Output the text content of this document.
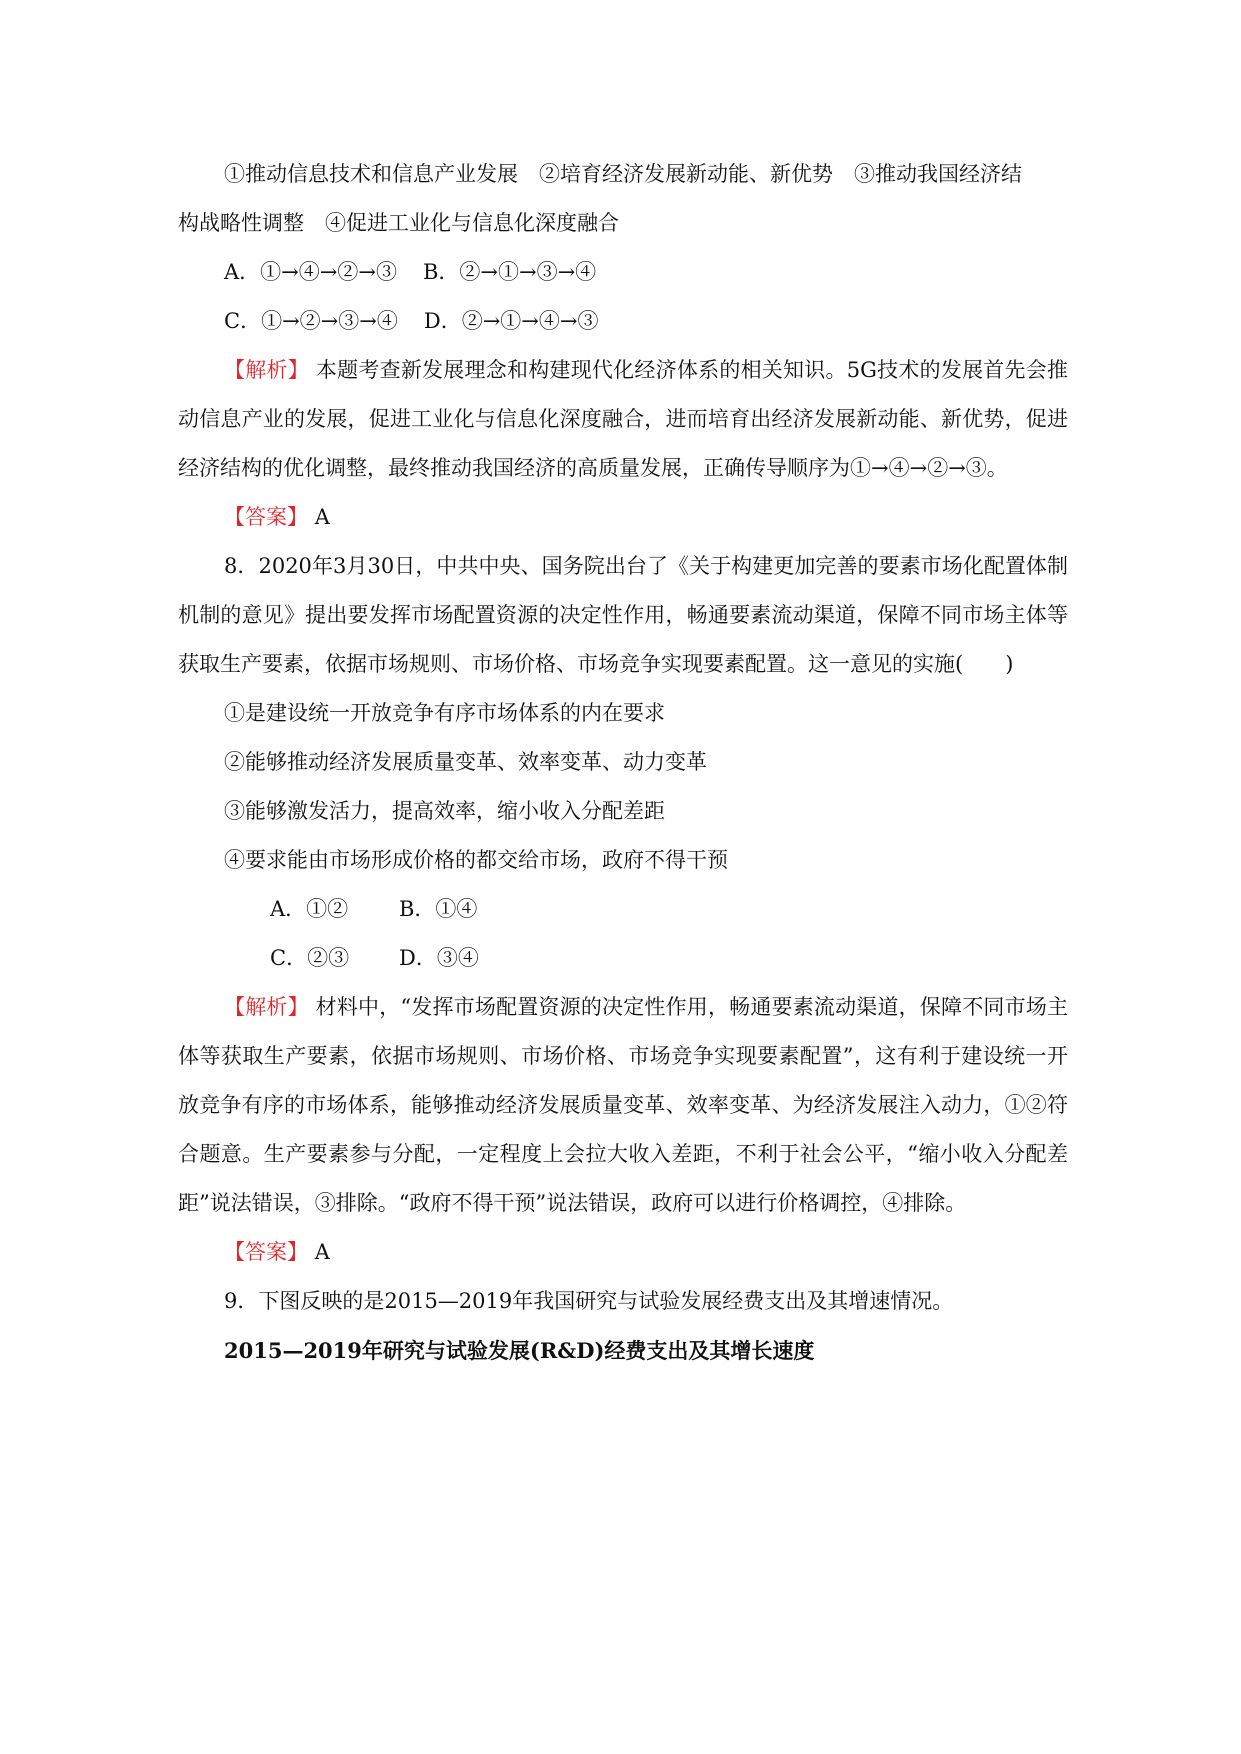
①推动信息技术和信息产业发展　②培育经济发展新动能、新优势　③推动我国经济结

构战略性调整　④促进工业化与信息化深度融合

A．①→④→②→③ B．②→①→③→④

C．①→②→③→④ D．②→①→④→③

【解析】 本题考查新发展理念和构建现代化经济体系的相关知识。5G技术的发展首先会推动信息产业的发展，促进工业化与信息化深度融合，进而培育出经济发展新动能、新优势，促进经济结构的优化调整，最终推动我国经济的高质量发展，正确传导顺序为①→④→②→③。

【答案】 A

8．2020年3月30日，中共中央、国务院出台了《关于构建更加完善的要素市场化配置体制机制的意见》提出要发挥市场配置资源的决定性作用，畅通要素流动渠道，保障不同市场主体等获取生产要素，依据市场规则、市场价格、市场竞争实现要素配置。这一意见的实施(　　)

①是建设统一开放竞争有序市场体系的内在要求

②能够推动经济发展质量变革、效率变革、动力变革

③能够激发活力，提高效率，缩小收入分配差距

④要求能由市场形成价格的都交给市场，政府不得干预

A．①② B．①④

C．②③ D．③④

【解析】 材料中，“发挥市场配置资源的决定性作用，畅通要素流动渠道，保障不同市场主体等获取生产要素，依据市场规则、市场价格、市场竞争实现要素配置”，这有利于建设统一开放竞争有序的市场体系，能够推动经济发展质量变革、效率变革、为经济发展注入动力，①②符合题意。生产要素参与分配，一定程度上会拉大收入差距，不利于社会公平，“缩小收入分配差距”说法错误，③排除。“政府不得干预”说法错误，政府可以进行价格调控，④排除。

【答案】 A

9．下图反映的是2015—2019年我国研究与试验发展经费支出及其增速情况。

2015—2019年研究与试验发展(R&D)经费支出及其增长速度
